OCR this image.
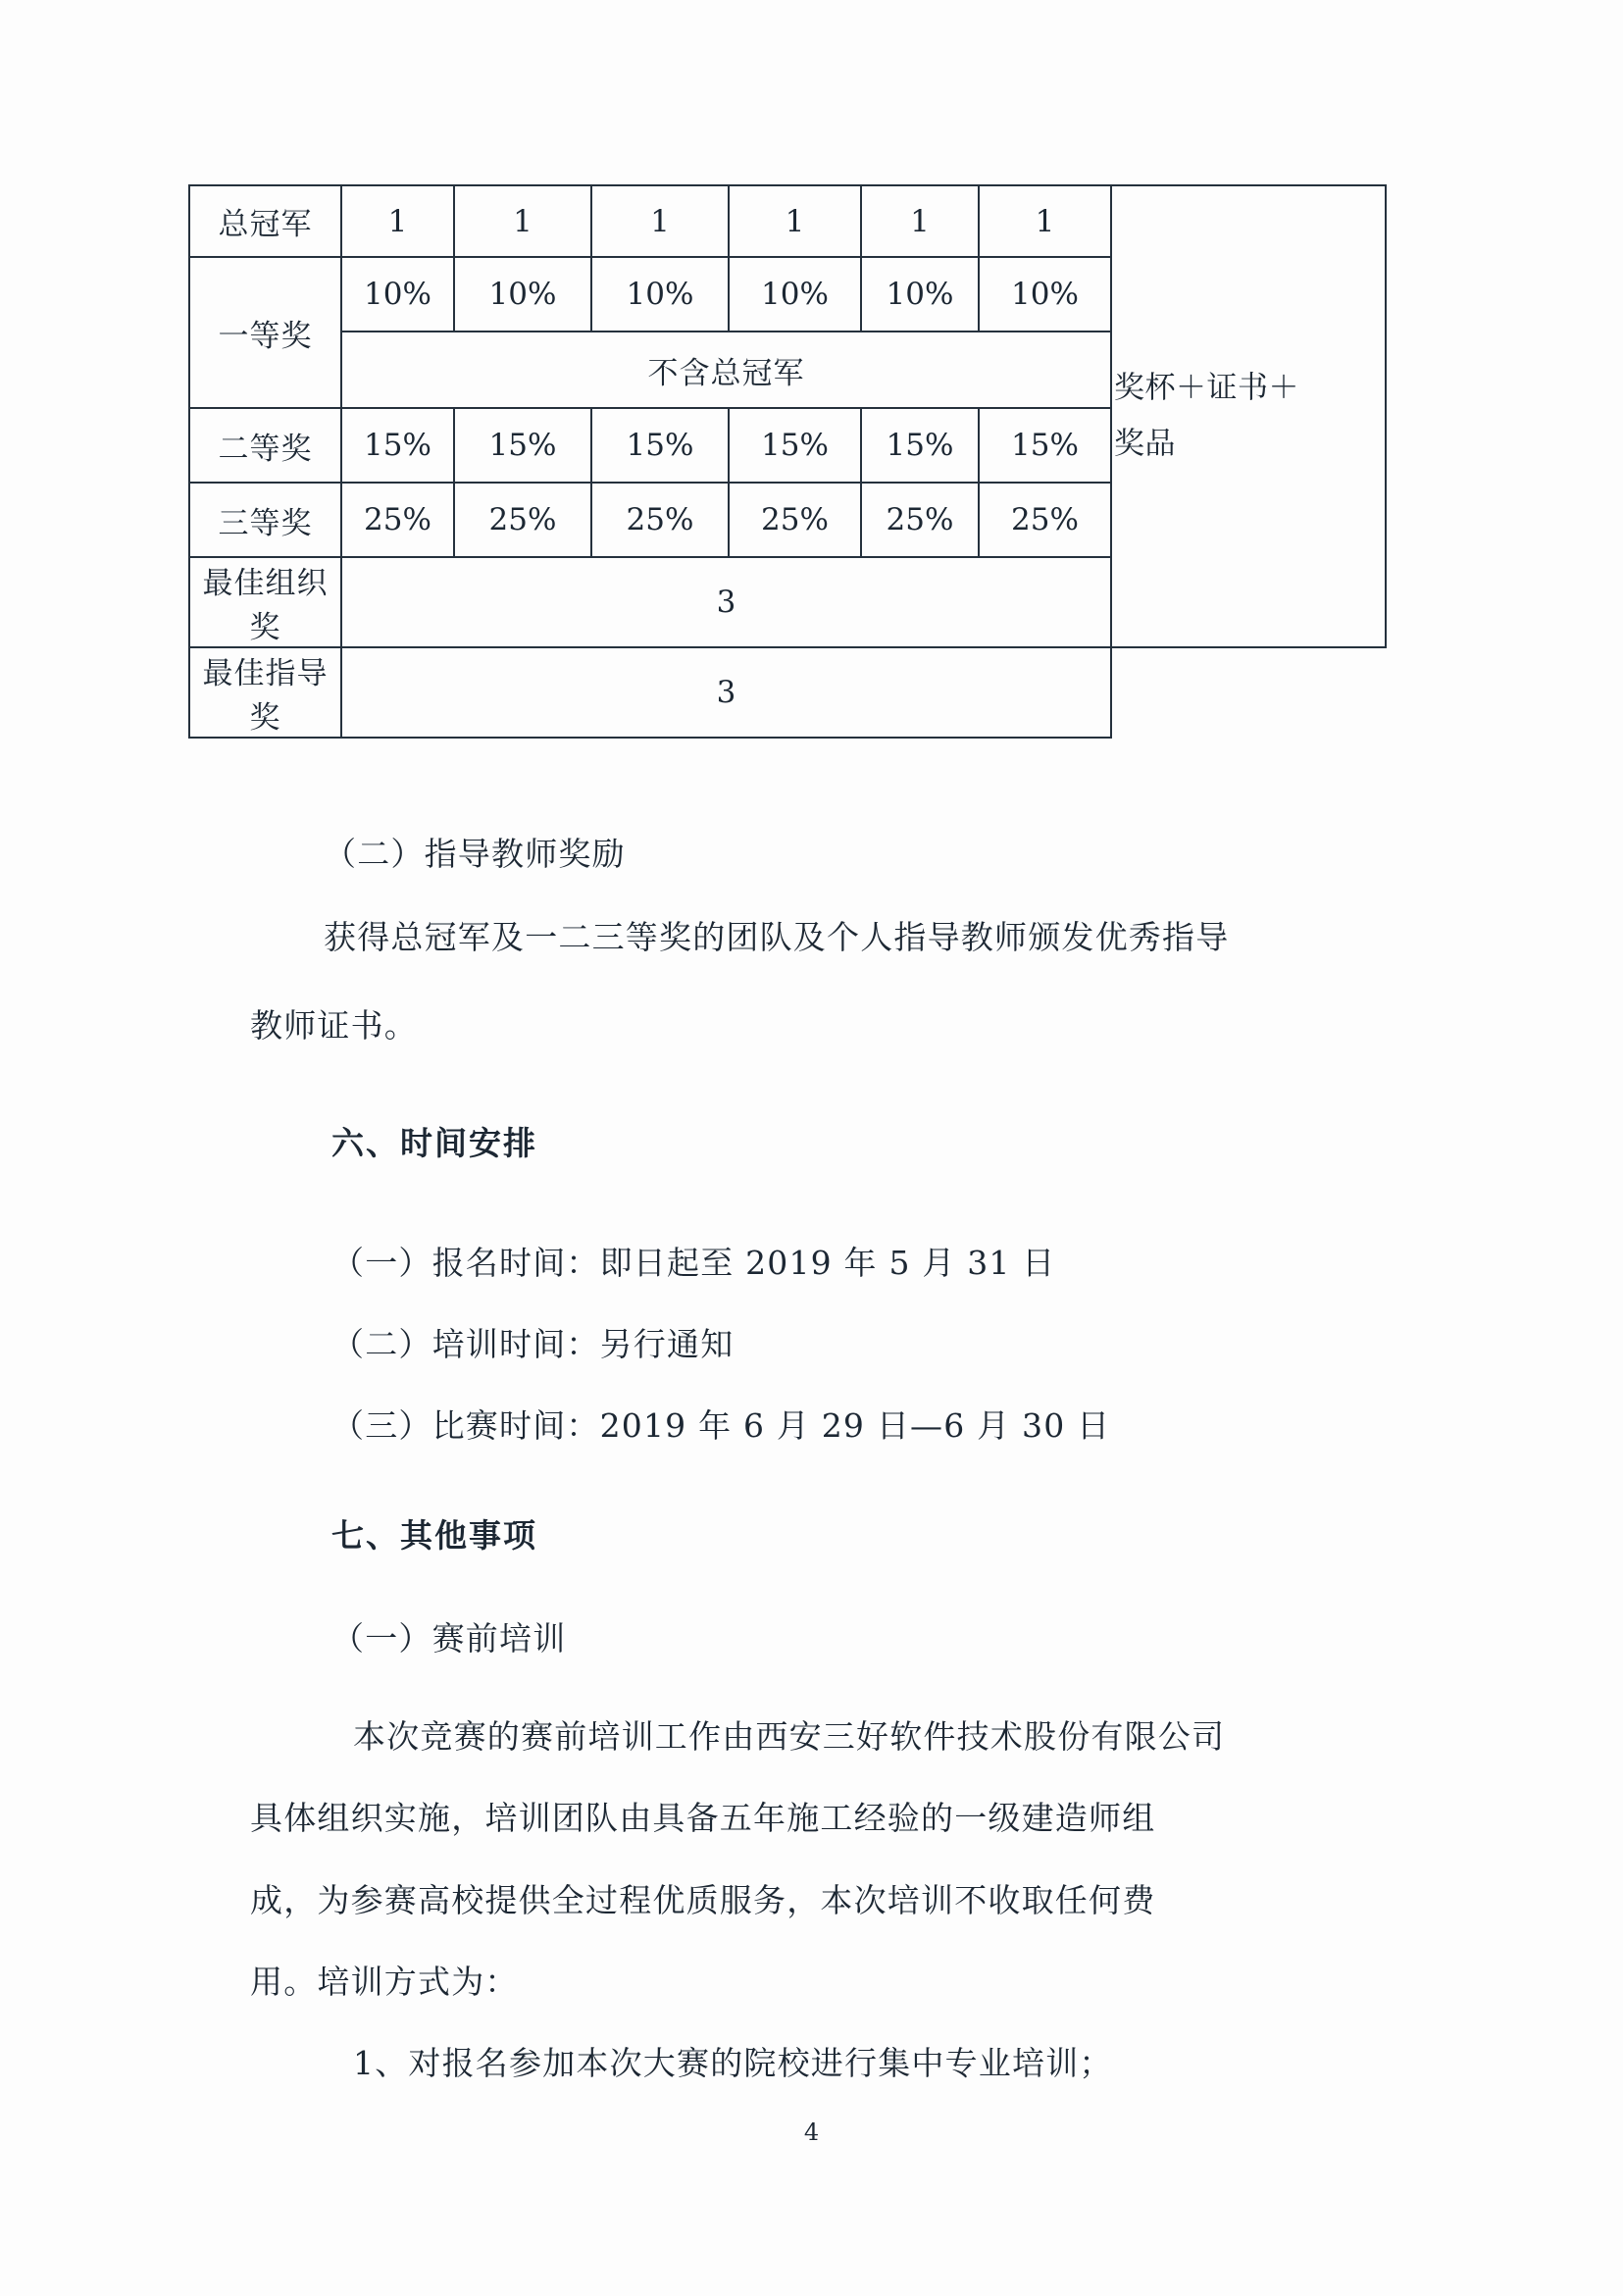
总冠军	1	1	1	1	1	1	奖杯＋证书＋
奖品

一等奖	10%	10%	10%	10%	10%	10%	
	不含总冠军						
二等奖	15%	15%	15%	15%	15%	15%	
三等奖	25%	25%	25%	25%	25%	25%	
最佳组织奖	3						
最佳指导奖	3						
（二）指导教师奖励
获得总冠军及一二三等奖的团队及个人指导教师颁发优秀指导
教师证书。
六、时间安排
（一）报名时间：即日起至 2019 年 5 月 31 日
（二）培训时间：另行通知
（三）比赛时间：2019 年 6 月 29 日—6 月 30 日
七、其他事项
（一）赛前培训
本次竞赛的赛前培训工作由西安三好软件技术股份有限公司
具体组织实施，培训团队由具备五年施工经验的一级建造师组
成，为参赛高校提供全过程优质服务，本次培训不收取任何费
用。培训方式为：
1、对报名参加本次大赛的院校进行集中专业培训；
4
